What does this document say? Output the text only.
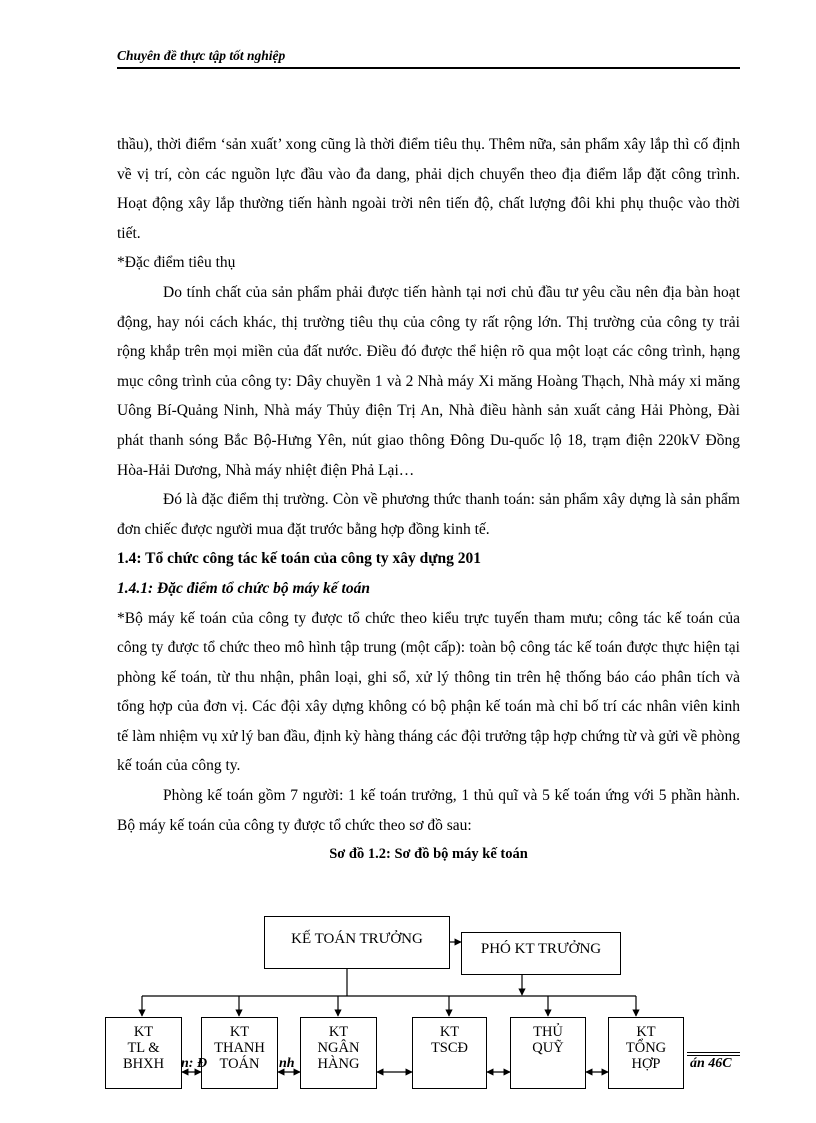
Chuyên đề thực tập tốt nghiệp

thầu), thời điểm ‘sản xuất’ xong cũng là thời điểm tiêu thụ. Thêm nữa, sản phẩm xây lắp thì cố định về vị trí, còn các nguồn lực đầu vào đa dang, phải dịch chuyển theo địa điểm lắp đặt công trình. Hoạt động xây lắp thường tiến hành ngoài trời nên tiến độ, chất lượng đôi khi phụ thuộc vào thời tiết.

*Đặc điểm tiêu thụ

Do tính chất của sản phẩm phải được tiến hành tại nơi chủ đầu tư yêu cầu nên địa bàn hoạt động, hay nói cách khác, thị trường tiêu thụ của công ty rất rộng lớn. Thị trường của công ty trải rộng khắp trên mọi miền của đất nước. Điều đó được thể hiện rõ qua một loạt các công trình, hạng mục công trình của công ty: Dây chuyền 1 và 2 Nhà máy Xi măng Hoàng Thạch, Nhà máy xi măng Uông Bí-Quảng Ninh, Nhà máy Thủy điện Trị An, Nhà điều hành sản xuất cảng Hải Phòng, Đài phát thanh sóng Bắc Bộ-Hưng Yên, nút giao thông Đông Du-quốc lộ 18, trạm điện 220kV Đồng Hòa-Hải Dương, Nhà máy nhiệt điện Phả Lại…

Đó là đặc điểm thị trường. Còn về phương thức thanh toán: sản phẩm xây dựng là sản phẩm đơn chiếc được người mua đặt trước bằng hợp đồng kinh tế.

1.4: Tổ chức công tác kế toán của công ty xây dựng 201

1.4.1: Đặc điểm tổ chức bộ máy kế toán

*Bộ máy kế toán của công ty được tổ chức theo kiểu trực tuyến tham mưu; công tác kế toán của công ty được tổ chức theo mô hình tập trung (một cấp): toàn bộ công tác kế toán được thực hiện tại phòng kế toán, từ thu nhận, phân loại, ghi sổ, xử lý thông tin trên hệ thống báo cáo phân tích và tổng hợp của đơn vị. Các đội xây dựng không có bộ phận kế toán mà chỉ bố trí các nhân viên kinh tế làm nhiệm vụ xử lý ban đầu, định kỳ hàng tháng các đội trưởng tập hợp chứng từ và gửi về phòng kế toán của công ty.

Phòng kế toán gồm 7 người: 1 kế toán trưởng, 1 thủ quĩ và 5 kế toán ứng với 5 phần hành. Bộ máy kế toán của công ty được tổ chức theo sơ đồ sau:

Sơ đồ 1.2: Sơ đồ bộ máy kế toán

KẾ TOÁN TRƯỞNG
PHÓ KT TRƯỞNG
KT
TL &
BHXH
KT
THANH
TOÁN
KT
NGÂN
HÀNG
KT
TSCĐ
THỦ
QUỸ
KT
TỔNG
HỢP
n: Đ	nh	án 46C
